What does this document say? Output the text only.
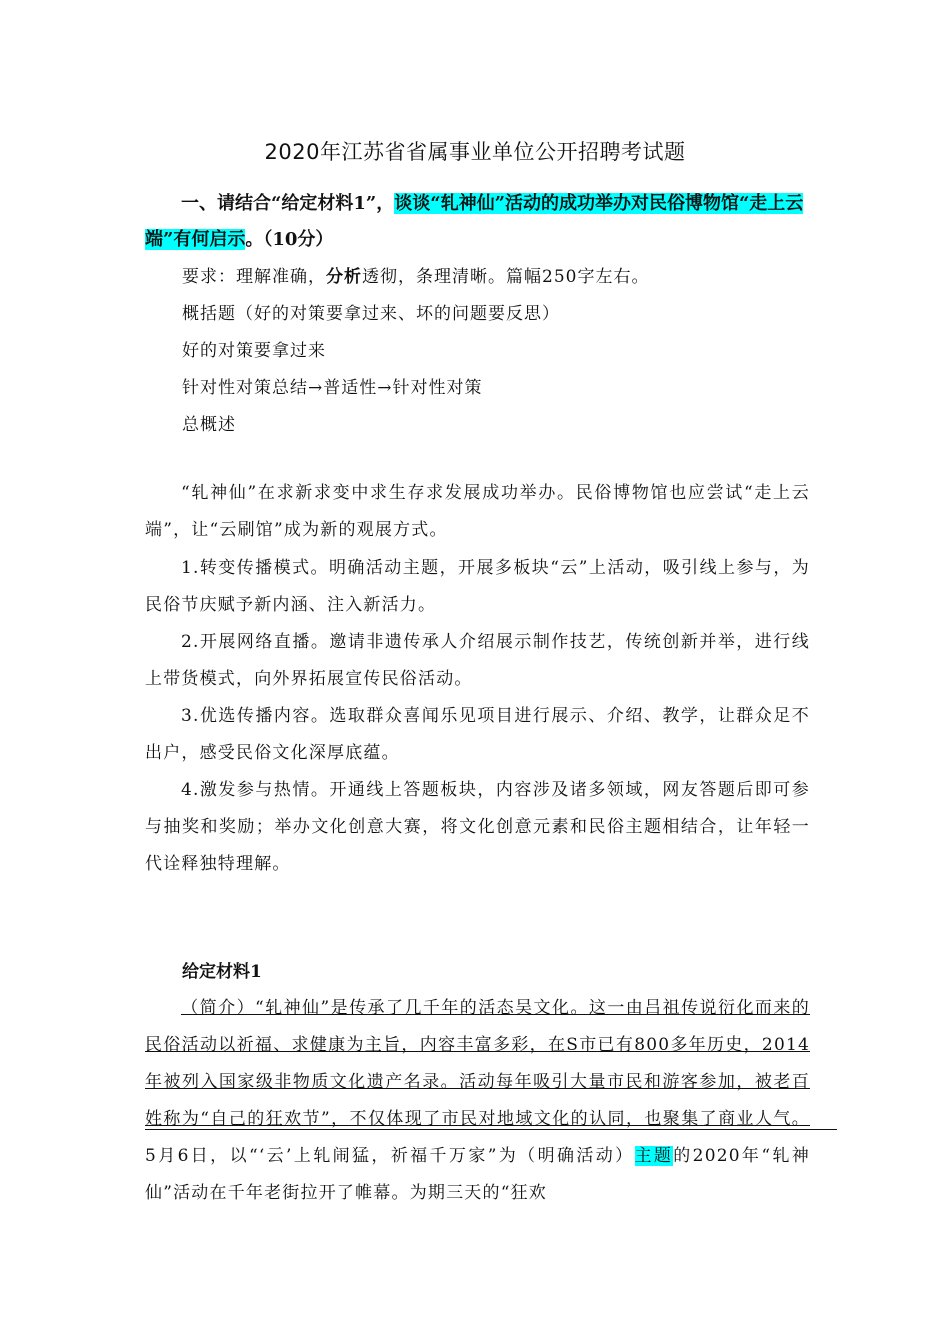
2020年江苏省省属事业单位公开招聘考试题
一、请结合“给定材料1”，谈谈“轧神仙”活动的成功举办对民俗博物馆“走上云端”有何启示。（10分）
要求：理解准确，分析透彻，条理清晰。篇幅250字左右。
概括题（好的对策要拿过来、坏的问题要反思）
好的对策要拿过来
针对性对策总结→普适性→针对性对策
总概述
“轧神仙”在求新求变中求生存求发展成功举办。民俗博物馆也应尝试“走上云端”，让“云刷馆”成为新的观展方式。
1.转变传播模式。明确活动主题，开展多板块“云”上活动，吸引线上参与，为民俗节庆赋予新内涵、注入新活力。
2.开展网络直播。邀请非遗传承人介绍展示制作技艺，传统创新并举，进行线上带货模式，向外界拓展宣传民俗活动。
3.优选传播内容。选取群众喜闻乐见项目进行展示、介绍、教学，让群众足不出户，感受民俗文化深厚底蕴。
4.激发参与热情。开通线上答题板块，内容涉及诸多领域，网友答题后即可参与抽奖和奖励；举办文化创意大赛，将文化创意元素和民俗主题相结合，让年轻一代诠释独特理解。
给定材料1
（简介）“轧神仙”是传承了几千年的活态吴文化。这一由吕祖传说衍化而来的民俗活动以祈福、求健康为主旨，内容丰富多彩，在S市已有800多年历史，2014年被列入国家级非物质文化遗产名录。活动每年吸引大量市民和游客参加，被老百姓称为“自己的狂欢节”，不仅体现了市民对地域文化的认同，也聚集了商业人气。5月6日，以“‘云’上轧闹猛，祈福千万家”为（明确活动）主题的2020年“轧神仙”活动在千年老街拉开了帷幕。为期三天的“狂欢
